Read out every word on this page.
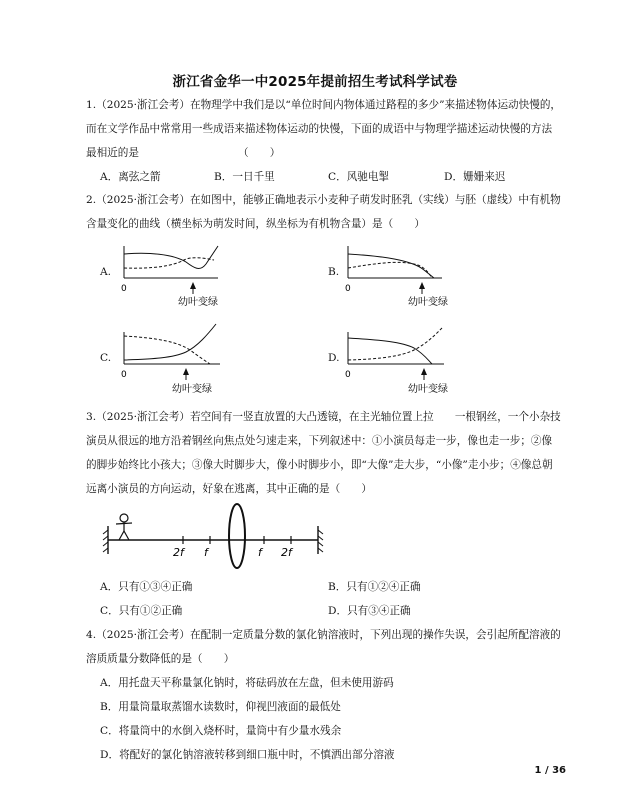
浙江省金华一中2025年提前招生考试科学试卷
1.（2025·浙江会考）在物理学中我们是以“单位时间内物体通过路程的多少”来描述物体运动快慢的，
而在文学作品中常常用一些成语来描述物体运动的快慢，下面的成语中与物理学描述运动快慢的方法
最相近的是	（　　）
A．离弦之箭	B．一日千里	C．风驰电掣	D．姗姗来迟
2.（2025·浙江会考）在如图中，能够正确地表示小麦种子萌发时胚乳（实线）与胚（虚线）中有机物
含量变化的曲线（横坐标为萌发时间，纵坐标为有机物含量）是（　　）
A.
0
幼叶变绿
B.
0
幼叶变绿
C.
0
幼叶变绿
D.
0
幼叶变绿
3.（2025·浙江会考）若空间有一竖直放置的大凸透镜，在主光轴位置上拉　　一根钢丝，一个小杂技
演员从很远的地方沿着钢丝向焦点处匀速走来，下列叙述中：①小演员每走一步，像也走一步；②像
的脚步始终比小孩大；③像大时脚步大，像小时脚步小，即“大像”走大步，“小像”走小步；④像总朝
远离小演员的方向运动，好象在逃离，其中正确的是（　　）
2f f	f 2f
A．只有①③④正确	B．只有①②④正确
C．只有①②正确	D．只有③④正确
4.（2025·浙江会考）在配制一定质量分数的氯化钠溶液时，下列出现的操作失误，会引起所配溶液的
溶质质量分数降低的是（　　）
A．用托盘天平称量氯化钠时，将砝码放在左盘，但未使用游码
B．用量筒量取蒸馏水读数时，仰视凹液面的最低处
C．将量筒中的水倒入烧杯时，量筒中有少量水残余
D．将配好的氯化钠溶液转移到细口瓶中时，不慎洒出部分溶液
1 / 36
